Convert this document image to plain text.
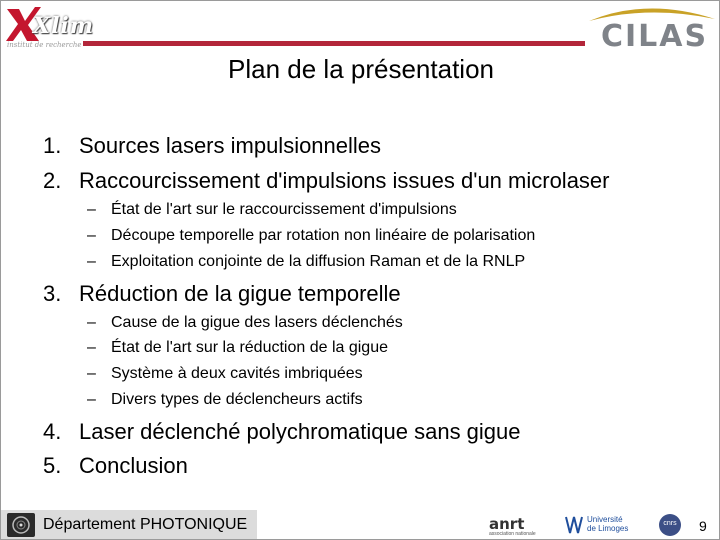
Xlim
institut de recherche	CILAS
Plan de la présentation
1. Sources lasers impulsionnelles
2. Raccourcissement d'impulsions issues d'un microlaser
– État de l'art sur le raccourcissement d'impulsions
– Découpe temporelle par rotation non linéaire de polarisation
– Exploitation conjointe de la diffusion Raman et de la RNLP
3. Réduction de la gigue temporelle
– Cause de la gigue des lasers déclenchés
– État de l'art sur la réduction de la gigue
– Système à deux cavités imbriquées
– Divers types de déclencheurs actifs
4. Laser déclenché polychromatique sans gigue
5. Conclusion
Département PHOTONIQUE	anrt
association nationale
Université
de Limoges
cnrs	9
